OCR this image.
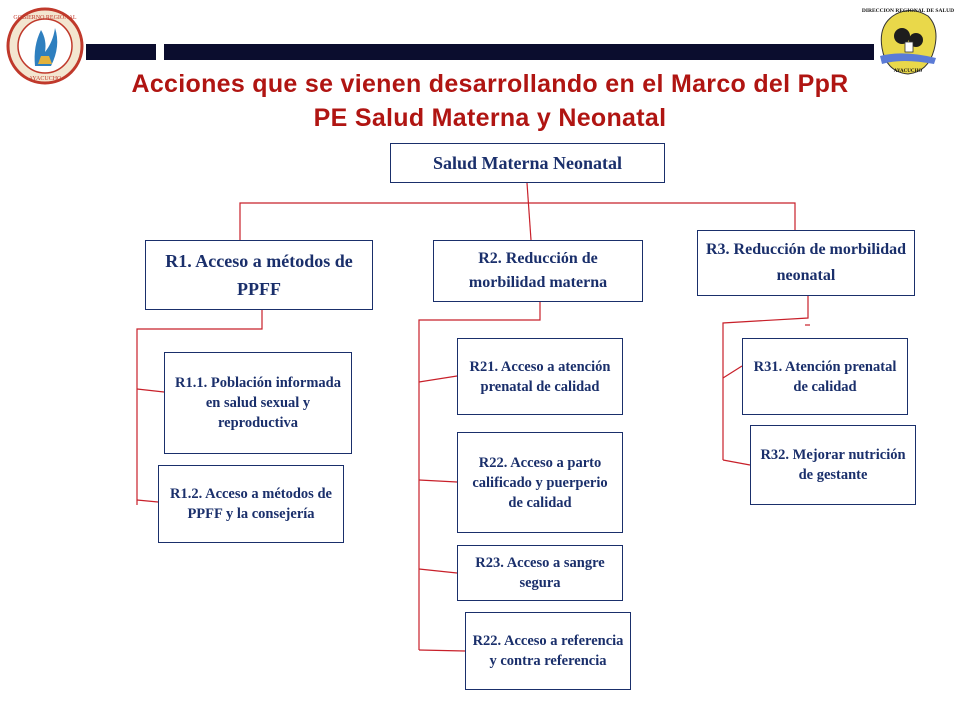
GOBIERNO REGIONAL
AYACUCHO
DIRECCION REGIONAL DE SALUD
AYACUCHO
Acciones que se vienen desarrollando en el Marco del PpR
PE Salud Materna y Neonatal
Salud Materna Neonatal
R1. Acceso a métodos de PPFF
R2. Reducción de morbilidad materna
R3. Reducción de morbilidad neonatal
R1.1. Población informada en salud sexual y reproductiva
R1.2. Acceso a métodos de PPFF y la consejería
R21. Acceso a atención prenatal de calidad
R22. Acceso a parto calificado y puerperio de calidad
R23. Acceso a sangre segura
R22. Acceso a referencia y contra referencia
R31. Atención prenatal de calidad
R32. Mejorar nutrición de gestante
